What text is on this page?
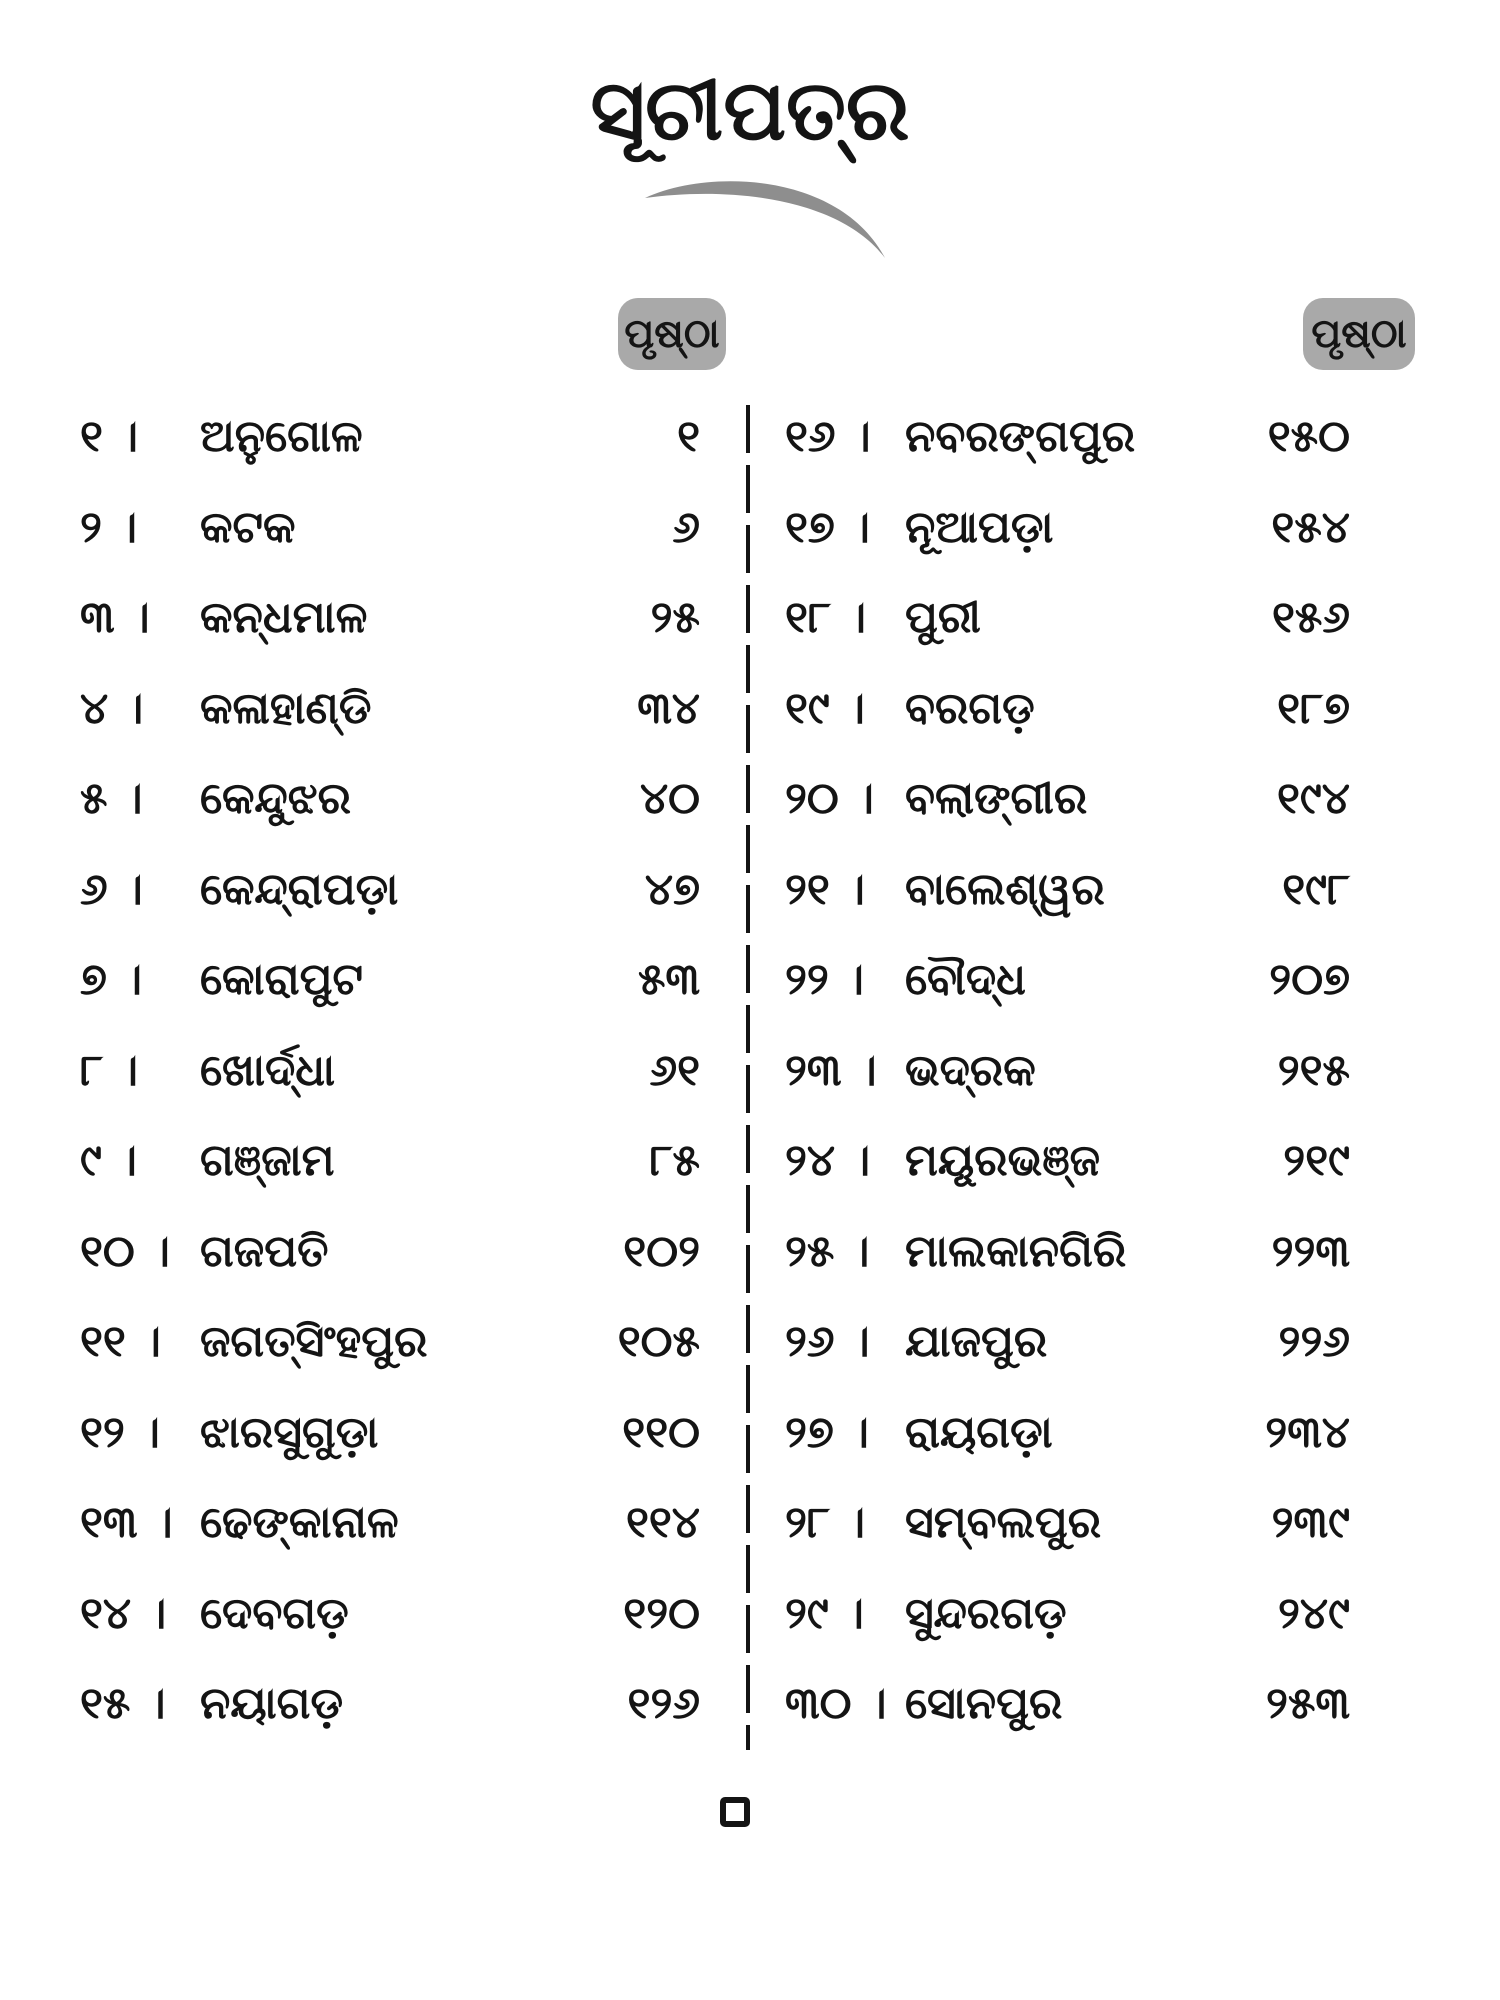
ସୂଚୀପତ୍ର
ପୃଷ୍ଠା	ପୃଷ୍ଠା
୧ ।	ଅନୁଗୋଳ	୧
୨ ।	କଟକ	୬
୩ । କନ୍ଧମାଳ	୨୫
୪ ।	କଳାହାଣ୍ଡି	୩୪
୫ ।	କେନ୍ଦୁଝର	୪୦
୬ ।	କେନ୍ଦ୍ରାପଡ଼ା	୪୭
୭ ।	କୋରାପୁଟ	୫୩
୮ ।	ଖୋର୍ଦ୍ଧା	୬୧
୯ ।	ଗଞ୍ଜାମ	୮୫
୧୦ । ଗଜପତି	୧୦୨
୧୧ । ଜଗତ୍‌ସିଂହପୁର	୧୦୫
୧୨ । ଝାରସୁଗୁଡ଼ା	୧୧୦
୧୩ । ଢେଙ୍କାନାଳ	୧୧୪
୧୪ । ଦେବଗଡ଼	୧୨୦
୧୫ । ନୟାଗଡ଼	୧୨୬
୧୬ । ନବରଙ୍ଗପୁର	୧୫୦
୧୭ । ନୂଆପଡ଼ା	୧୫୪
୧୮ । ପୁରୀ	୧୫୬
୧୯ । ବରଗଡ଼	୧୮୭
୨୦ । ବଲାଙ୍ଗୀର	୧୯୪
୨୧ । ବାଲେଶ୍ୱର	୧୯୮
୨୨ । ବୌଦ୍ଧ	୨୦୭
୨୩ । ଭଦ୍ରକ	୨୧୫
୨୪ । ମୟୂରଭଞ୍ଜ	୨୧୯
୨୫ । ମାଲକାନଗିରି	୨୨୩
୨୬ । ଯାଜପୁର	୨୨୬
୨୭ । ରାୟଗଡ଼ା	୨୩୪
୨୮ । ସମ୍ବଲପୁର	୨୩୯
୨୯ । ସୁନ୍ଦରଗଡ଼	୨୪୯
୩୦ । ସୋନପୁର	୨୫୩
